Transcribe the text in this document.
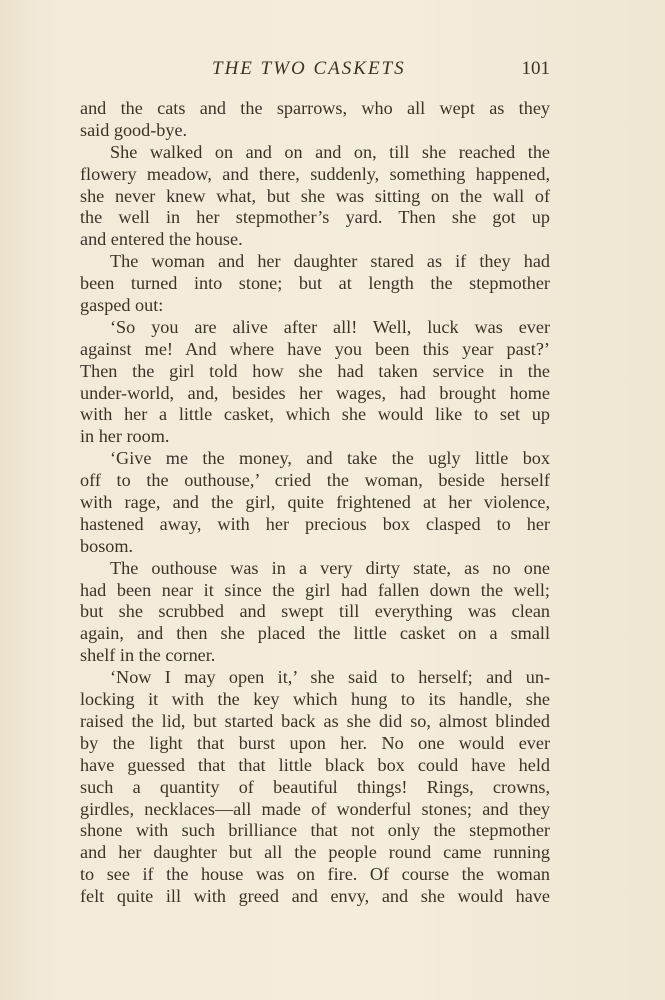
THE TWO CASKETS	101
and the cats and the sparrows, who all wept as they
said good-bye.
She walked on and on and on, till she reached the
flowery meadow, and there, suddenly, something happened,
she never knew what, but she was sitting on the wall of
the well in her stepmother’s yard. Then she got up
and entered the house.
The woman and her daughter stared as if they had
been turned into stone; but at length the stepmother
gasped out:
‘So you are alive after all! Well, luck was ever
against me! And where have you been this year past?’
Then the girl told how she had taken service in the
under-world, and, besides her wages, had brought home
with her a little casket, which she would like to set up
in her room.
‘Give me the money, and take the ugly little box
off to the outhouse,’ cried the woman, beside herself
with rage, and the girl, quite frightened at her violence,
hastened away, with her precious box clasped to her
bosom.
The outhouse was in a very dirty state, as no one
had been near it since the girl had fallen down the well;
but she scrubbed and swept till everything was clean
again, and then she placed the little casket on a small
shelf in the corner.
‘Now I may open it,’ she said to herself; and un-
locking it with the key which hung to its handle, she
raised the lid, but started back as she did so, almost blinded
by the light that burst upon her. No one would ever
have guessed that that little black box could have held
such a quantity of beautiful things! Rings, crowns,
girdles, necklaces—all made of wonderful stones; and they
shone with such brilliance that not only the stepmother
and her daughter but all the people round came running
to see if the house was on fire. Of course the woman
felt quite ill with greed and envy, and she would have
